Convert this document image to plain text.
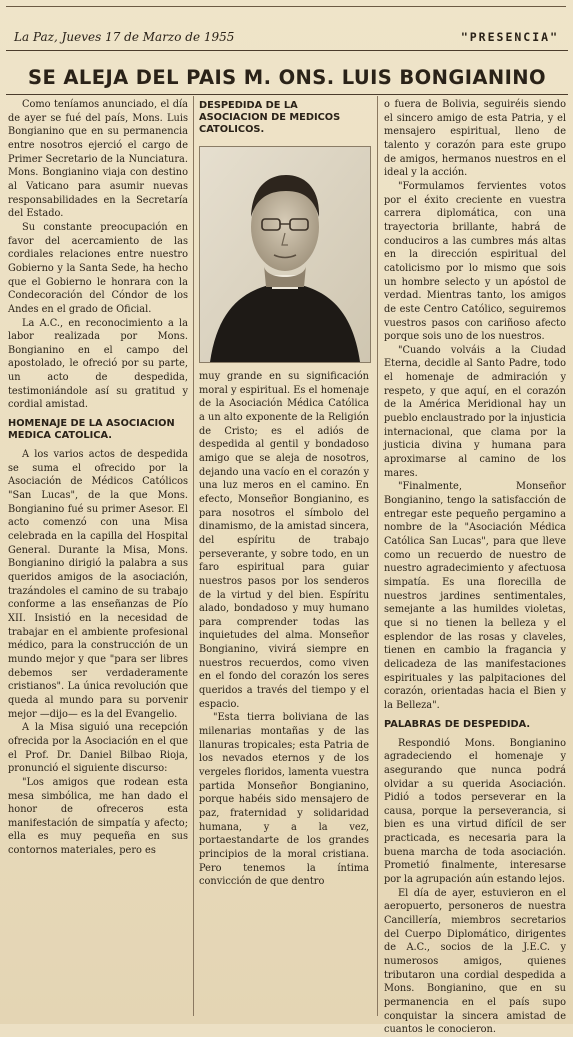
La Paz, Jueves 17 de Marzo de 1955	"PRESENCIA"
SE ALEJA DEL PAIS M. ONS. LUIS BONGIANINO

Como teníamos anunciado, el día de ayer se fué del país, Mons. Luis Bongianino que en su permanencia entre nosotros ejerció el cargo de Primer Secretario de la Nunciatura. Mons. Bongianino viaja con destino al Vaticano para asumir nuevas responsabilidades en la Secretaría del Estado.

Su constante preocupación en favor del acercamiento de las cordiales relaciones entre nuestro Gobierno y la Santa Sede, ha hecho que el Gobierno le honrara con la Condecoración del Cóndor de los Andes en el grado de Oficial.

La A.C., en reconocimiento a la labor realizada por Mons. Bongianino en el campo del apostolado, le ofreció por su parte, un acto de despedida, testimoniándole así su gratitud y cordial amistad.

HOMENAJE DE LA ASOCIACION MEDICA CATOLICA.

A los varios actos de despedida se suma el ofrecido por la Asociación de Médicos Católicos "San Lucas", de la que Mons. Bongianino fué su primer Asesor. El acto comenzó con una Misa celebrada en la capilla del Hospital General. Durante la Misa, Mons. Bongianino dirigió la palabra a sus queridos amigos de la asociación, trazándoles el camino de su trabajo conforme a las enseñanzas de Pío XII. Insistió en la necesidad de trabajar en el ambiente profesional médico, para la construcción de un mundo mejor y que "para ser libres debemos ser verdaderamente cristianos". La única revolución que queda al mundo para su porvenir mejor —dijo— es la del Evangelio.

A la Misa siguió una recepción ofrecida por la Asociación en el que el Prof. Dr. Daniel Bilbao Rioja, pronunció el siguiente discurso:

"Los amigos que rodean esta mesa simbólica, me han dado el honor de ofreceros esta manifestación de simpatía y afecto; ella es muy pequeña en sus contornos materiales, pero es

DESPEDIDA DE LA ASOCIACION DE MEDICOS CATOLICOS.

muy grande en su significación moral y espiritual. Es el homenaje de la Asociación Médica Católica a un alto exponente de la Religión de Cristo; es el adiós de despedida al gentil y bondadoso amigo que se aleja de nosotros, dejando una vacío en el corazón y una luz meros en el camino. En efecto, Monseñor Bongianino, es para nosotros el símbolo del dinamismo, de la amistad sincera, del espíritu de trabajo perseverante, y sobre todo, en un faro espiritual para guiar nuestros pasos por los senderos de la virtud y del bien. Espíritu alado, bondadoso y muy humano para comprender todas las inquietudes del alma. Monseñor Bongianino, vivirá siempre en nuestros recuerdos, como viven en el fondo del corazón los seres queridos a través del tiempo y el espacio.

"Esta tierra boliviana de las milenarias montañas y de las llanuras tropicales; esta Patria de los nevados eternos y de los vergeles floridos, lamenta vuestra partida Monseñor Bongianino, porque habéis sido mensajero de paz, fraternidad y solidaridad humana, y a la vez, portaestandarte de los grandes principios de la moral cristiana. Pero tenemos la íntima convicción de que dentro

o fuera de Bolivia, seguiréis siendo el sincero amigo de esta Patria, y el mensajero espiritual, lleno de talento y corazón para este grupo de amigos, hermanos nuestros en el ideal y la acción.

"Formulamos fervientes votos por el éxito creciente en vuestra carrera diplomática, con una trayectoria brillante, habrá de conduciros a las cumbres más altas en la dirección espiritual del catolicismo por lo mismo que sois un hombre selecto y un apóstol de verdad. Mientras tanto, los amigos de este Centro Católico, seguiremos vuestros pasos con cariñoso afecto porque sois uno de los nuestros.

"Cuando volváis a la Ciudad Eterna, decidle al Santo Padre, todo el homenaje de admiración y respeto, y que aquí, en el corazón de la América Meridional hay un pueblo enclaustrado por la injusticia internacional, que clama por la justicia divina y humana para aproximarse al camino de los mares.

"Finalmente, Monseñor Bongianino, tengo la satisfacción de entregar este pequeño pergamino a nombre de la "Asociación Médica Católica San Lucas", para que lleve como un recuerdo de nuestro de nuestro agradecimiento y afectuosa simpatía. Es una florecilla de nuestros jardines sentimentales, semejante a las humildes violetas, que si no tienen la belleza y el esplendor de las rosas y claveles, tienen en cambio la fragancia y delicadeza de las manifestaciones espirituales y las palpitaciones del corazón, orientadas hacia el Bien y la Belleza".

PALABRAS DE DESPEDIDA.

Respondió Mons. Bongianino agradeciendo el homenaje y asegurando que nunca podrá olvidar a su querida Asociación. Pidió a todos perseverar en la causa, porque la perseverancia, si bien es una virtud difícil de ser practicada, es necesaria para la buena marcha de toda asociación. Prometió finalmente, interesarse por la agrupación aún estando lejos.

El día de ayer, estuvieron en el aeropuerto, personeros de nuestra Cancillería, miembros secretarios del Cuerpo Diplomático, dirigentes de A.C., socios de la J.E.C. y numerosos amigos, quienes tributaron una cordial despedida a Mons. Bongianino, que en su permanencia en el país supo conquistar la sincera amistad de cuantos le conocieron.
